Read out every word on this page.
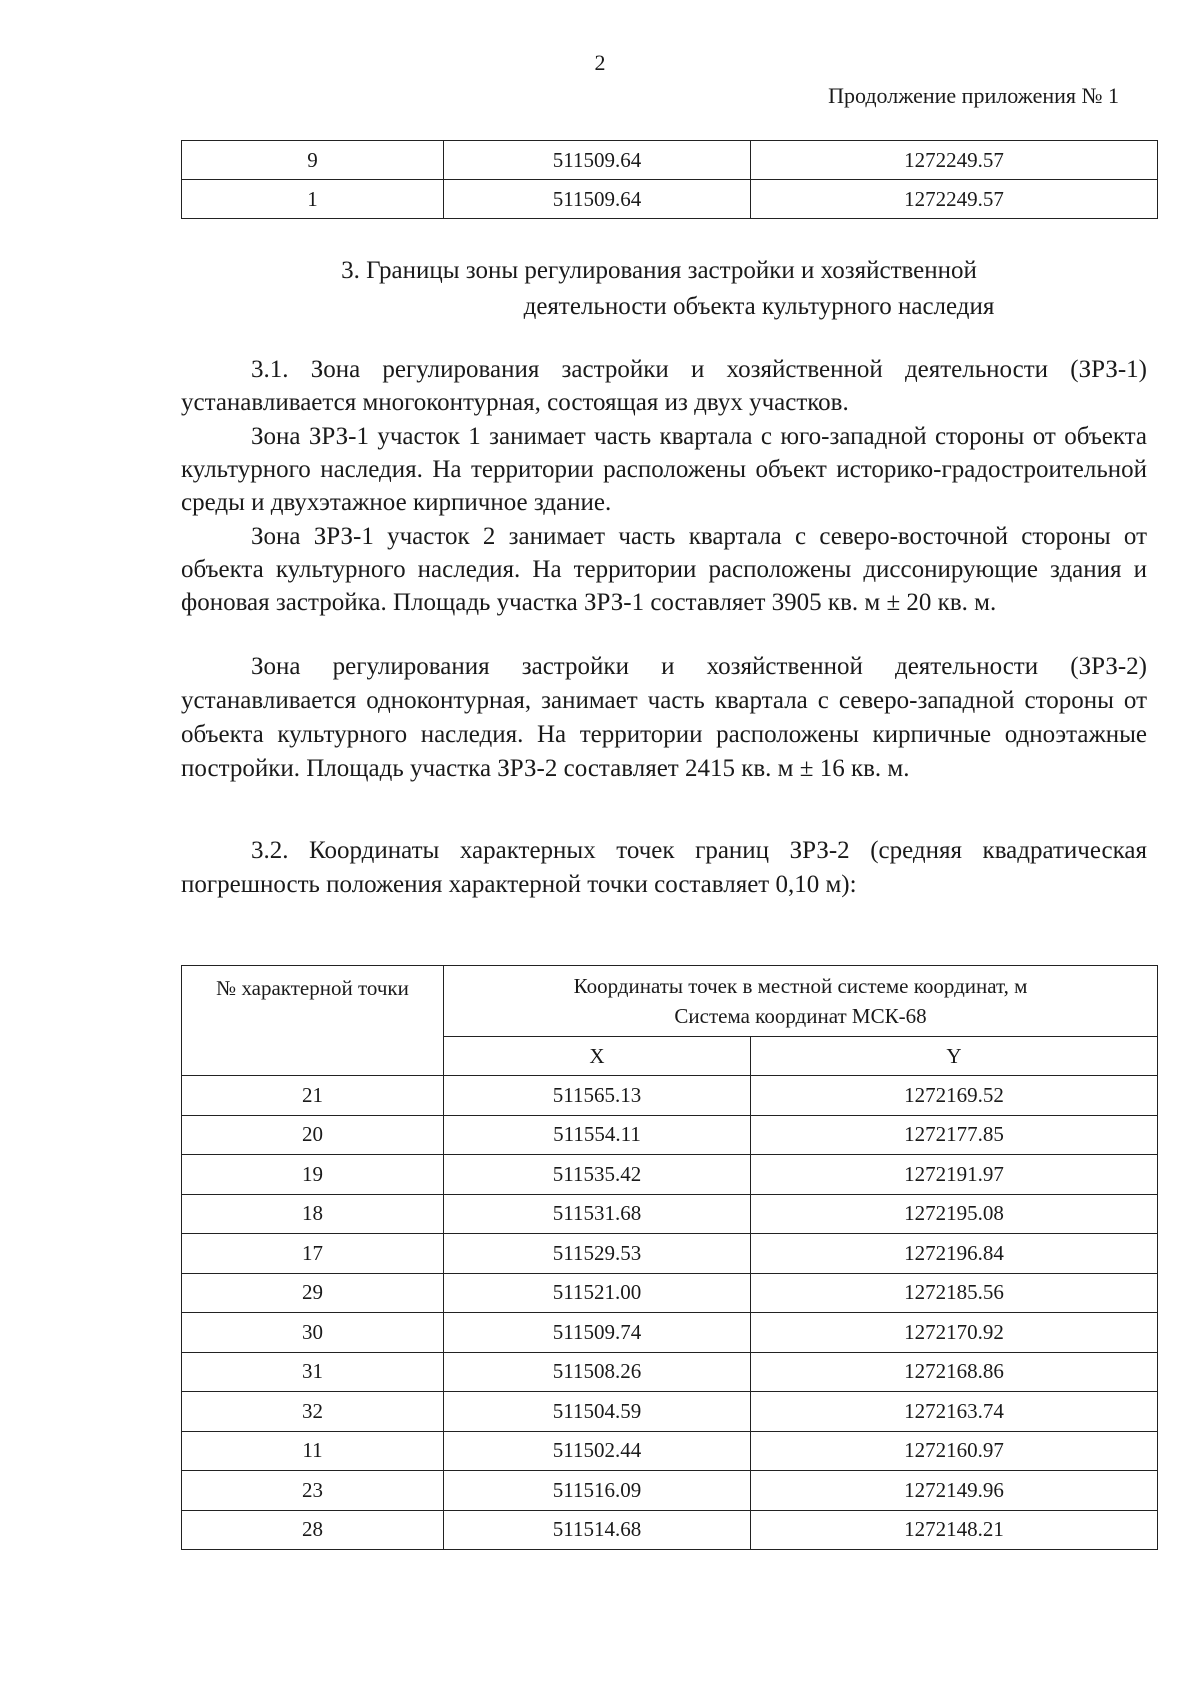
2
Продолжение приложения № 1
9	511509.64	1272249.57
1	511509.64	1272249.57
3. Границы зоны регулирования застройки и хозяйственной
деятельности объекта культурного наследия

3.1. Зона регулирования застройки и хозяйственной деятельности (ЗРЗ-1) устанавливается многоконтурная, состоящая из двух участков.

Зона ЗРЗ-1 участок 1 занимает часть квартала с юго-западной стороны от объекта культурного наследия. На территории расположены объект историко-градостроительной среды и двухэтажное кирпичное здание.

Зона ЗРЗ-1 участок 2 занимает часть квартала с северо-восточной стороны от объекта культурного наследия. На территории расположены диссонирующие здания и фоновая застройка. Площадь участка ЗРЗ-1 составляет 3905 кв. м ± 20 кв. м.

Зона регулирования застройки и хозяйственной деятельности (ЗРЗ-2) устанавливается одноконтурная, занимает часть квартала с северо-западной стороны от объекта культурного наследия. На территории расположены кирпичные одноэтажные постройки. Площадь участка ЗРЗ-2 составляет 2415 кв. м ± 16 кв. м.

3.2. Координаты характерных точек границ ЗРЗ-2 (средняя квадратическая погрешность положения характерной точки составляет 0,10 м):

№ характерной точки	Координаты точек в местной системе координат, м
Система координат МСК-68	
	X	Y
21	511565.13	1272169.52
20	511554.11	1272177.85
19	511535.42	1272191.97
18	511531.68	1272195.08
17	511529.53	1272196.84
29	511521.00	1272185.56
30	511509.74	1272170.92
31	511508.26	1272168.86
32	511504.59	1272163.74
11	511502.44	1272160.97
23	511516.09	1272149.96
28	511514.68	1272148.21
